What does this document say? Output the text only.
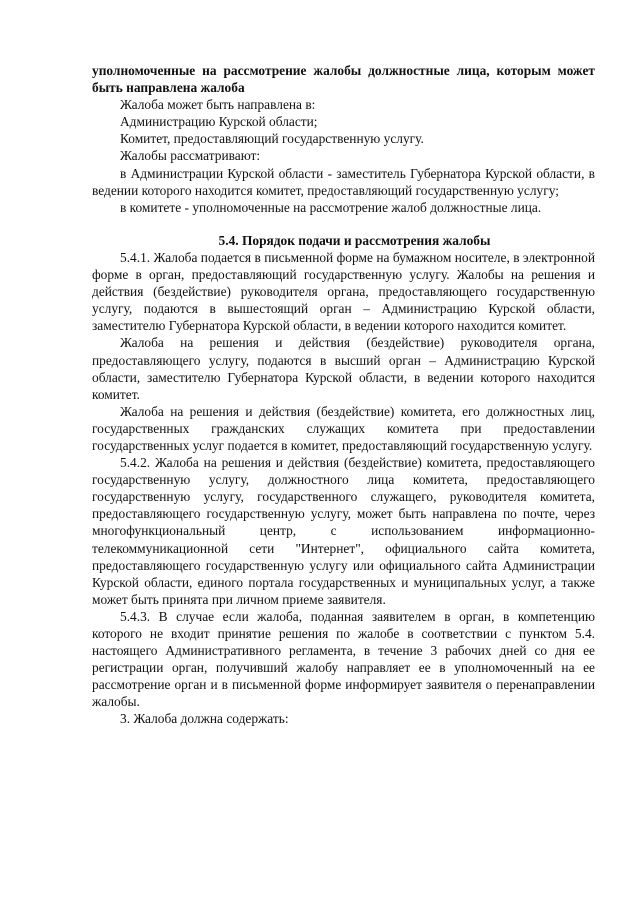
уполномоченные на рассмотрение жалобы должностные лица, которым может быть направлена жалоба

Жалоба может быть направлена в:

Администрацию Курской области;

Комитет, предоставляющий государственную услугу.

Жалобы рассматривают:

в Администрации Курской области - заместитель Губернатора Курской области, в ведении которого находится комитет, предоставляющий государственную услугу;

в комитете - уполномоченные на рассмотрение жалоб должностные лица.

5.4. Порядок подачи и рассмотрения жалобы

5.4.1. Жалоба подается в письменной форме на бумажном носителе, в электронной форме в орган, предоставляющий государственную услугу. Жалобы на решения и действия (бездействие) руководителя органа, предоставляющего государственную услугу, подаются в вышестоящий орган – Администрацию Курской области, заместителю Губернатора Курской области, в ведении которого находится комитет.

Жалоба на решения и действия (бездействие) руководителя органа, предоставляющего услугу, подаются в высший орган – Администрацию Курской области, заместителю Губернатора Курской области, в ведении которого находится комитет.

Жалоба на решения и действия (бездействие) комитета, его должностных лиц, государственных гражданских служащих комитета при предоставлении государственных услуг подается в комитет, предоставляющий государственную услугу.

5.4.2. Жалоба на решения и действия (бездействие) комитета, предоставляющего государственную услугу, должностного лица комитета, предоставляющего государственную услугу, государственного служащего, руководителя комитета, предоставляющего государственную услугу, может быть направлена по почте, через многофункциональный центр, с использованием информационно-телекоммуникационной сети "Интернет", официального сайта комитета, предоставляющего государственную услугу или официального сайта Администрации Курской области, единого портала государственных и муниципальных услуг, а также может быть принята при личном приеме заявителя.

5.4.3. В случае если жалоба, поданная заявителем в орган, в компетенцию которого не входит принятие решения по жалобе в соответствии с пунктом 5.4. настоящего Административного регламента, в течение 3 рабочих дней со дня ее регистрации орган, получивший жалобу направляет ее в уполномоченный на ее рассмотрение орган и в письменной форме информирует заявителя о перенаправлении жалобы.

3. Жалоба должна содержать:
